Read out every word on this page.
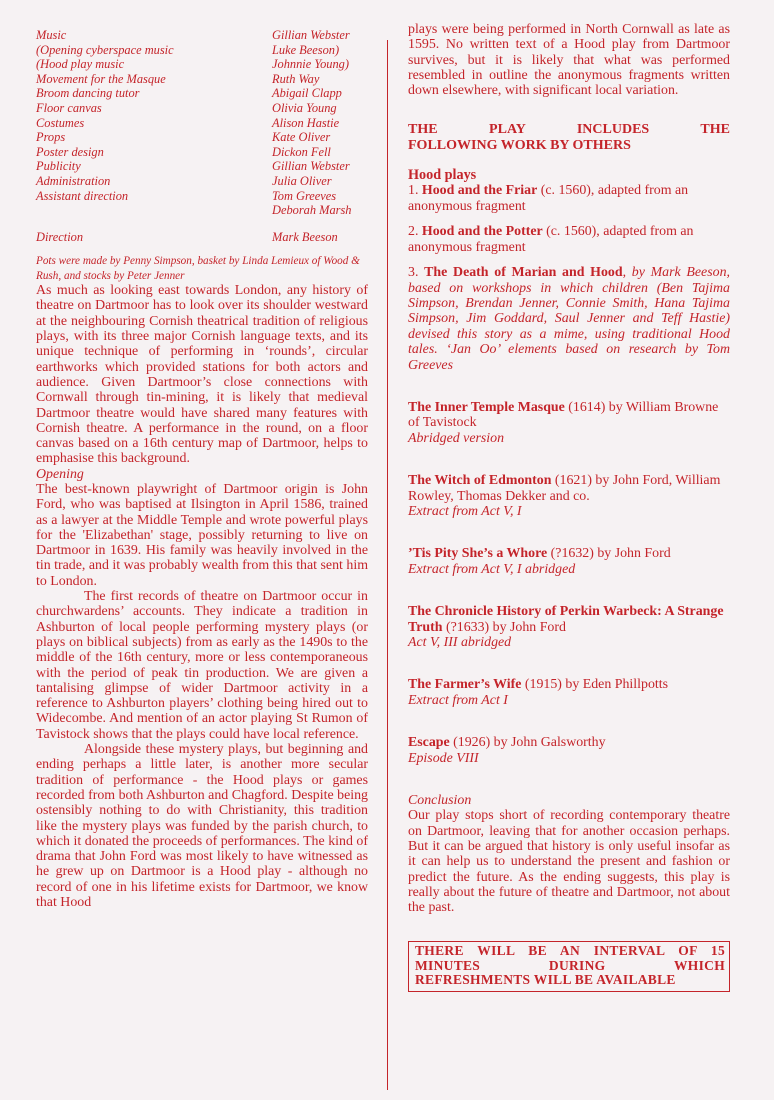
Music	Gillian Webster
(Opening cyberspace music	Luke Beeson)
(Hood play music	Johnnie Young)
Movement for the Masque	Ruth Way
Broom dancing tutor	Abigail Clapp
Floor canvas	Olivia Young
Costumes	Alison Hastie
Props	Kate Oliver
Poster design	Dickon Fell
Publicity	Gillian Webster
Administration	Julia Oliver
Assistant direction	Tom Greeves
Deborah Marsh
Direction	Mark Beeson
Pots were made by Penny Simpson, basket by Linda Lemieux of Wood & Rush, and stocks by Peter Jenner

As much as looking east towards London, any history of theatre on Dartmoor has to look over its shoulder westward at the neighbouring Cornish theatrical tradition of religious plays, with its three major Cornish language texts, and its unique technique of performing in ‘rounds’, circular earthworks which provided stations for both actors and audience. Given Dartmoor’s close connections with Cornwall through tin-mining, it is likely that medieval Dartmoor theatre would have shared many features with Cornish theatre. A performance in the round, on a floor canvas based on a 16th century map of Dartmoor, helps to emphasise this background.

Opening

The best-known playwright of Dartmoor origin is John Ford, who was baptised at Ilsington in April 1586, trained as a lawyer at the Middle Temple and wrote powerful plays for the 'Elizabethan' stage, possibly returning to live on Dartmoor in 1639. His family was heavily involved in the tin trade, and it was probably wealth from this that sent him to London.

The first records of theatre on Dartmoor occur in churchwardens’ accounts. They indicate a tradition in Ashburton of local people performing mystery plays (or plays on biblical subjects) from as early as the 1490s to the middle of the 16th century, more or less contemporaneous with the period of peak tin production. We are given a tantalising glimpse of wider Dartmoor activity in a reference to Ashburton players’ clothing being hired out to Widecombe. And mention of an actor playing St Rumon of Tavistock shows that the plays could have local reference.

Alongside these mystery plays, but beginning and ending perhaps a little later, is another more secular tradition of performance - the Hood plays or games recorded from both Ashburton and Chagford. Despite being ostensibly nothing to do with Christianity, this tradition like the mystery plays was funded by the parish church, to which it donated the proceeds of performances. The kind of drama that John Ford was most likely to have witnessed as he grew up on Dartmoor is a Hood play - although no record of one in his lifetime exists for Dartmoor, we know that Hood

plays were being performed in North Cornwall as late as 1595. No written text of a Hood play from Dartmoor survives, but it is likely that what was performed resembled in outline the anonymous fragments written down elsewhere, with significant local variation.
THE PLAY INCLUDES THE
FOLLOWING WORK BY OTHERS
Hood plays
1. Hood and the Friar (c. 1560), adapted from an anonymous fragment
2. Hood and the Potter (c. 1560), adapted from an anonymous fragment
3. The Death of Marian and Hood, by Mark Beeson, based on workshops in which children (Ben Tajima Simpson, Brendan Jenner, Connie Smith, Hana Tajima Simpson, Jim Goddard, Saul Jenner and Teff Hastie) devised this story as a mime, using traditional Hood tales. ‘Jan Oo’ elements based on research by Tom Greeves
The Inner Temple Masque (1614) by William Browne of Tavistock
Abridged version
The Witch of Edmonton (1621) by John Ford, William Rowley, Thomas Dekker and co.
Extract from Act V, I
’Tis Pity She’s a Whore (?1632) by John Ford
Extract from Act V, I abridged
The Chronicle History of Perkin Warbeck: A Strange Truth (?1633) by John Ford
Act V, III abridged
The Farmer’s Wife (1915) by Eden Phillpotts
Extract from Act I
Escape (1926) by John Galsworthy
Episode VIII

Conclusion

Our play stops short of recording contemporary theatre on Dartmoor, leaving that for another occasion perhaps. But it can be argued that history is only useful insofar as it can help us to understand the present and fashion or predict the future. As the ending suggests, this play is really about the future of theatre and Dartmoor, not about the past.

THERE WILL BE AN INTERVAL OF 15
MINUTES DURING WHICH
REFRESHMENTS WILL BE AVAILABLE
